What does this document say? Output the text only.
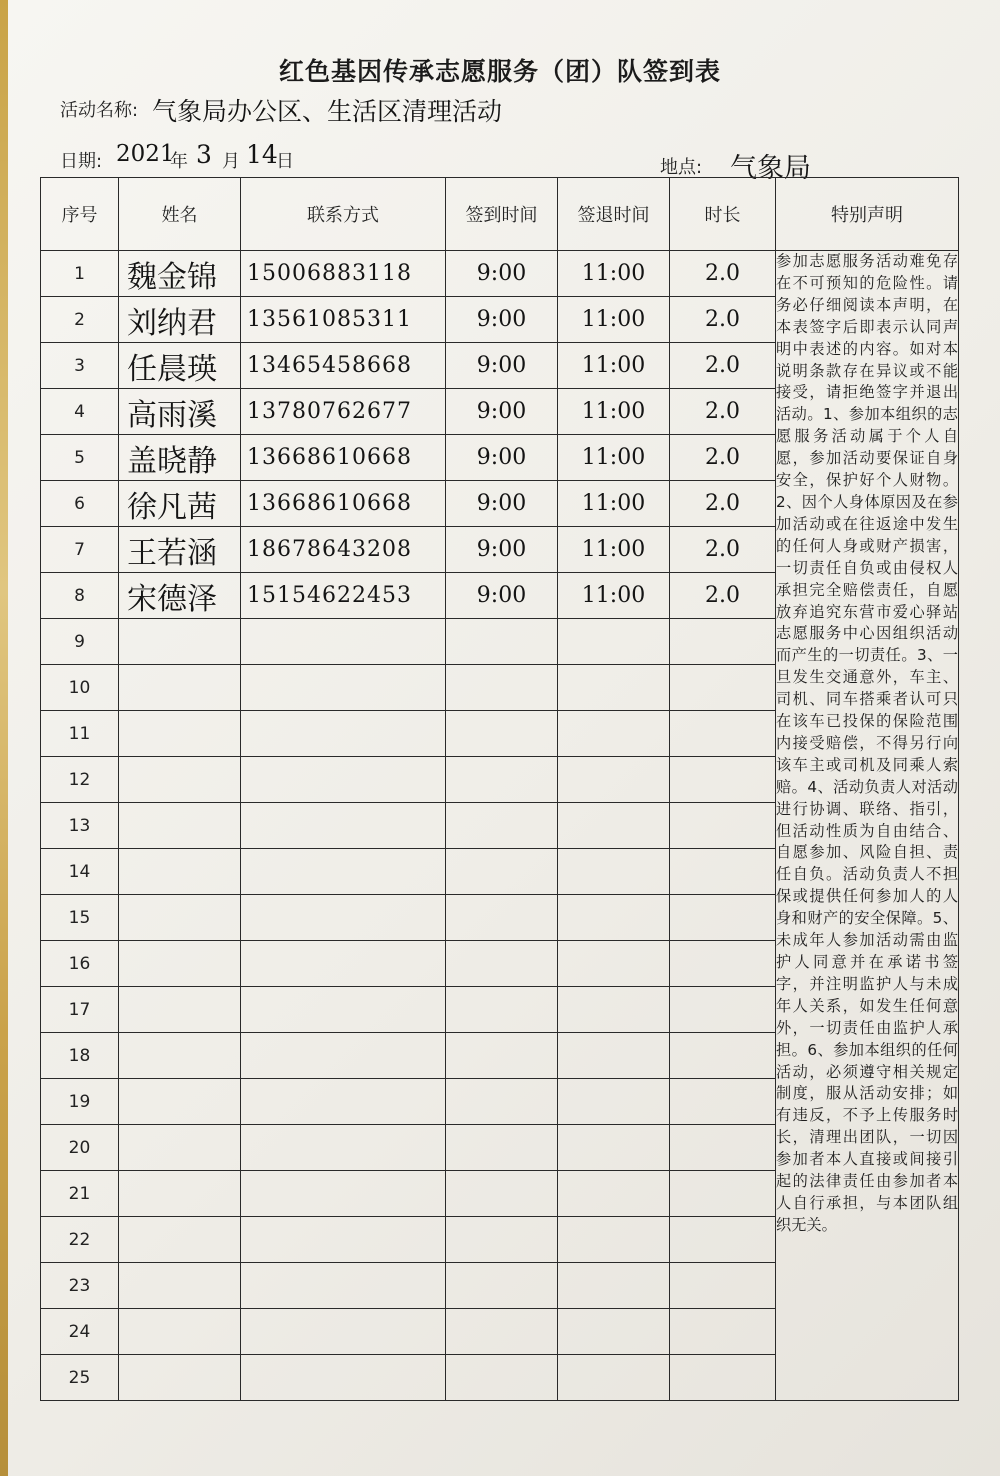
红色基因传承志愿服务（团）队签到表
活动名称: 气象局办公区、生活区清理活动
日期: 2021
年 3 月 14
日	地点: 气象局
序号	姓名	联系方式	签到时间	签退时间	时长	特别声明
1	魏金锦	15006883118	9:00	11:00	2.0	参加志愿服务活动难免存在不可预知的危险性。请务必仔细阅读本声明，在本表签字后即表示认同声明中表述的内容。如对本说明条款存在异议或不能接受，请拒绝签字并退出活动。1、参加本组织的志愿服务活动属于个人自愿，参加活动要保证自身安全，保护好个人财物。2、因个人身体原因及在参加活动或在往返途中发生的任何人身或财产损害，一切责任自负或由侵权人承担完全赔偿责任，自愿放弃追究东营市爱心驿站志愿服务中心因组织活动而产生的一切责任。3、一旦发生交通意外，车主、司机、同车搭乘者认可只在该车已投保的保险范围内接受赔偿，不得另行向该车主或司机及同乘人索赔。4、活动负责人对活动进行协调、联络、指引，但活动性质为自由结合、自愿参加、风险自担、责任自负。活动负责人不担保或提供任何参加人的人身和财产的安全保障。5、未成年人参加活动需由监护人同意并在承诺书签字，并注明监护人与未成年人关系，如发生任何意外，一切责任由监护人承担。6、参加本组织的任何活动，必须遵守相关规定制度，服从活动安排；如有违反，不予上传服务时长，清理出团队，一切因参加者本人直接或间接引起的法律责任由参加者本人自行承担，与本团队组织无关。
2	刘纳君	13561085311	9:00	11:00	2.0	
3	任晨瑛	13465458668	9:00	11:00	2.0	
4	高雨溪	13780762677	9:00	11:00	2.0	
5	盖晓静	13668610668	9:00	11:00	2.0	
6	徐凡茜	13668610668	9:00	11:00	2.0	
7	王若涵	18678643208	9:00	11:00	2.0	
8	宋德泽	15154622453	9:00	11:00	2.0	
9						
10						
11						
12						
13						
14						
15						
16						
17						
18						
19						
20						
21						
22						
23						
24						
25						
